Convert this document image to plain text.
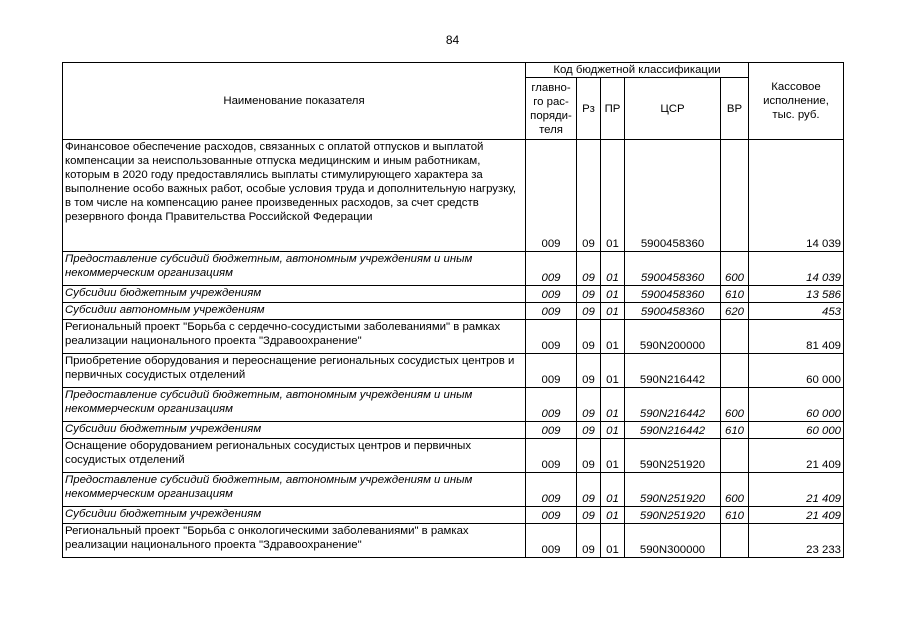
84
Наименование показателя	Код бюджетной классификации					Кассовое исполнение, тыс. руб.
	главно-го рас-поряди-теля	Рз	ПР	ЦСР	ВР	
Финансовое обеспечение расходов, связанных с оплатой отпусков и выплатой компенсации за неиспользованные отпуска медицинским и иным работникам, которым в 2020 году предоставлялись выплаты стимулирующего характера за выполнение особо важных работ, особые условия труда и дополнительную нагрузку, в том числе на компенсацию ранее произведенных расходов, за счет средств резервного фонда Правительства Российской Федерации	009	09	01	5900458360		14 039
Предоставление субсидий бюджетным, автономным учреждениям и иным некоммерческим организациям	009	09	01	5900458360	600	14 039
Субсидии бюджетным учреждениям	009	09	01	5900458360	610	13 586
Субсидии автономным учреждениям	009	09	01	5900458360	620	453
Региональный проект "Борьба с сердечно-сосудистыми заболеваниями" в рамках реализации национального проекта "Здравоохранение"	009	09	01	590N200000		81 409
Приобретение оборудования и переоснащение региональных сосудистых центров и первичных сосудистых отделений	009	09	01	590N216442		60 000
Предоставление субсидий бюджетным, автономным учреждениям и иным некоммерческим организациям	009	09	01	590N216442	600	60 000
Субсидии бюджетным учреждениям	009	09	01	590N216442	610	60 000
Оснащение оборудованием региональных сосудистых центров и первичных сосудистых отделений	009	09	01	590N251920		21 409
Предоставление субсидий бюджетным, автономным учреждениям и иным некоммерческим организациям	009	09	01	590N251920	600	21 409
Субсидии бюджетным учреждениям	009	09	01	590N251920	610	21 409
Региональный проект "Борьба с онкологическими заболеваниями" в рамках реализации национального проекта "Здравоохранение"	009	09	01	590N300000		23 233
